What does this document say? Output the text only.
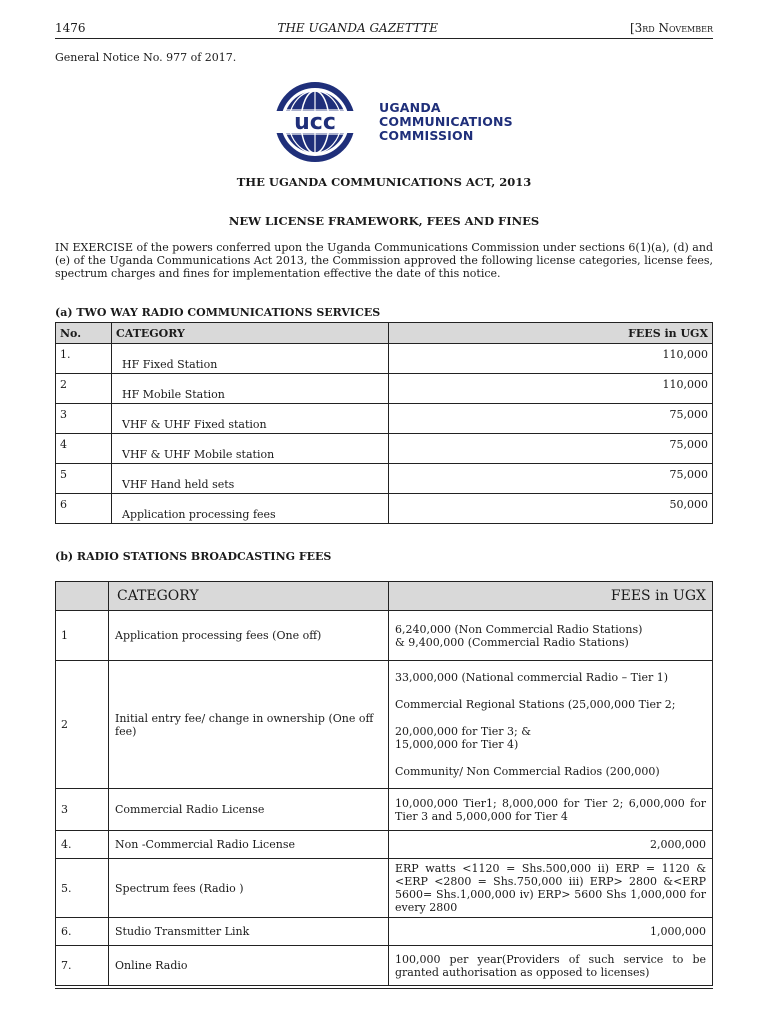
1476	THE UGANDA GAZETTTE	[3rd November
General Notice No. 977 of 2017.
ucc
UGANDA
COMMUNICATIONS
COMMISSION
THE UGANDA COMMUNICATIONS ACT, 2013
NEW LICENSE FRAMEWORK, FEES AND FINES
IN EXERCISE of the powers conferred upon the Uganda Communications Commission under sections 6(1)(a), (d) and (e) of the Uganda Communications Act 2013, the Commission approved the following license categories, license fees, spectrum charges and fines for implementation effective the date of this notice.
(a) TWO WAY RADIO COMMUNICATIONS SERVICES
No.	CATEGORY	FEES in UGX
1.	HF Fixed Station	110,000
2	HF Mobile Station	110,000
3	VHF & UHF Fixed station	75,000
4	VHF & UHF Mobile station	75,000
5	VHF Hand held sets	75,000
6	Application processing fees	50,000
(b) RADIO STATIONS BROADCASTING FEES
	CATEGORY	FEES in UGX
1	Application processing fees (One off)	6,240,000 (Non Commercial Radio Stations)

& 9,400,000 (Commercial Radio Stations)

2	Initial entry fee/ change in ownership (One off fee)	33,000,000 (National commercial Radio – Tier 1)

Commercial Regional Stations (25,000,000 Tier 2;

20,000,000 for Tier 3; &

15,000,000 for Tier 4)

Community/ Non Commercial Radios (200,000)

3	Commercial Radio License	10,000,000 Tier1; 8,000,000 for Tier 2; 6,000,000 for Tier 3 and 5,000,000 for Tier 4
4.	Non -Commercial Radio License	2,000,000
5.	Spectrum fees (Radio )	ERP watts <1120 = Shs.500,000 ii) ERP = 1120 &<ERP <2800 = Shs.750,000 iii) ERP> 2800 &<ERP 5600= Shs.1,000,000 iv) ERP> 5600 Shs 1,000,000 for every 2800
6.	Studio Transmitter Link	1,000,000
7.	Online Radio	100,000 per year(Providers of such service to be granted authorisation as opposed to licenses)
